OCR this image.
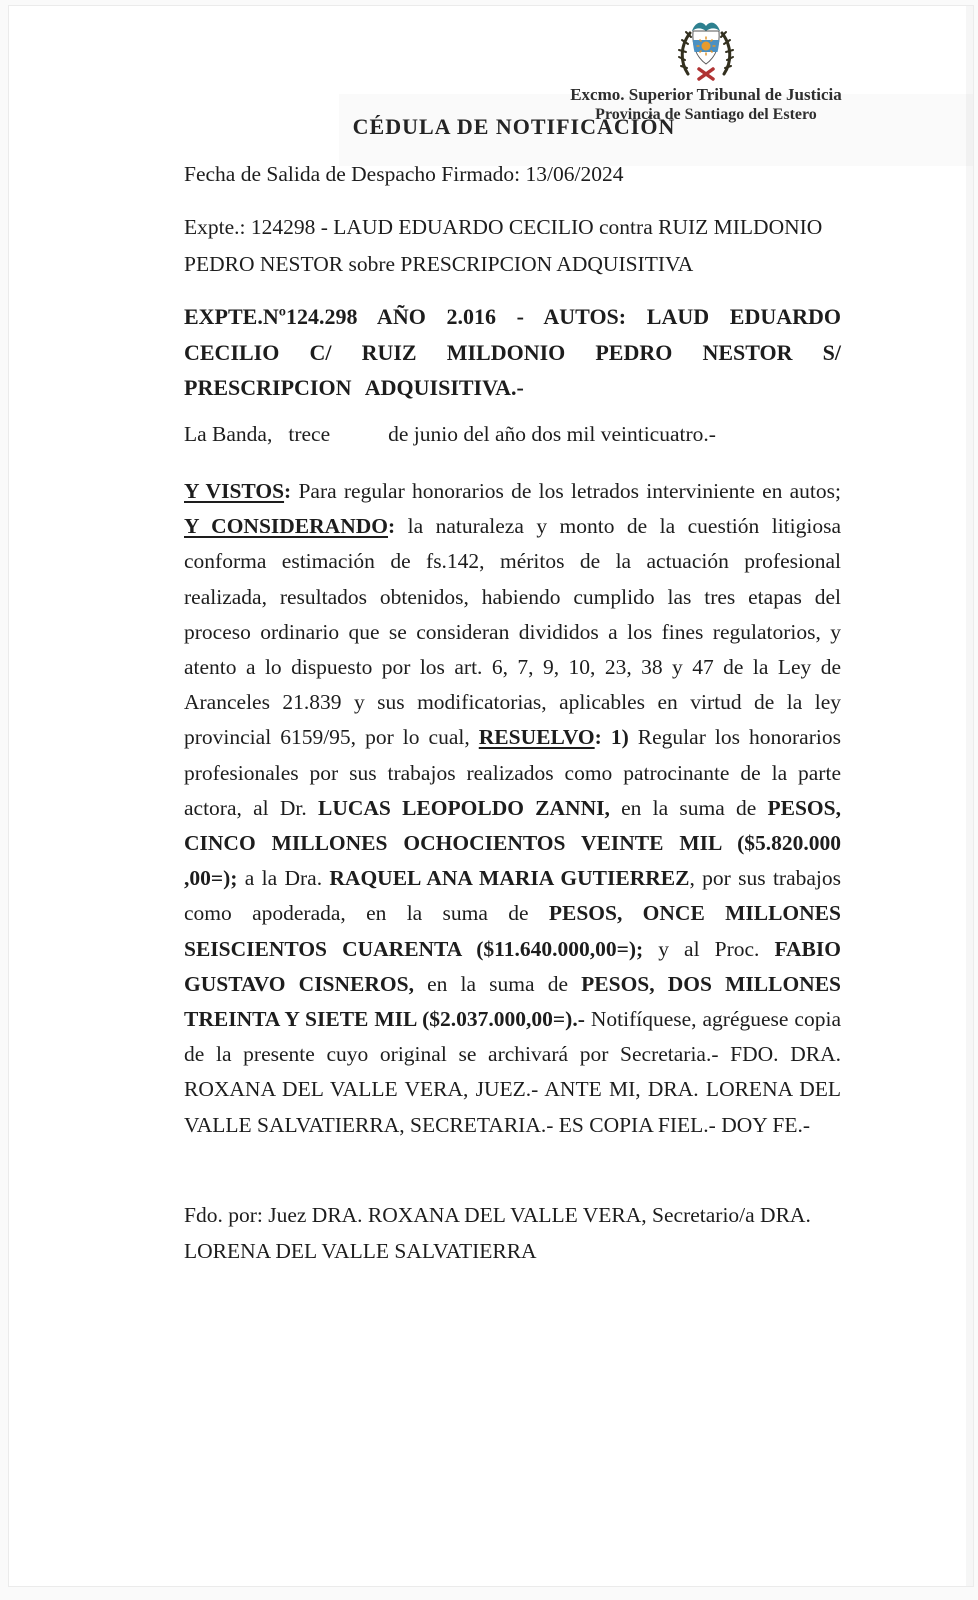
Excmo. Superior Tribunal de Justicia
Provincia de Santiago del Estero
CÉDULA DE NOTIFICACIÓN

Fecha de Salida de Despacho Firmado: 13/06/2024

Expte.: 124298 - LAUD EDUARDO CECILIO contra RUIZ MILDONIO PEDRO NESTOR sobre PRESCRIPCION ADQUISITIVA

EXPTE.Nº124.298 AÑO 2.016 - AUTOS: LAUD EDUARDO CECILIO C/ RUIZ MILDONIO PEDRO NESTOR S/ PRESCRIPCION ADQUISITIVA.-

La Banda, trece	de junio del año dos mil veinticuatro.-

Y VISTOS: Para regular honorarios de los letrados interviniente en autos; Y CONSIDERANDO: la naturaleza y monto de la cuestión litigiosa conforma estimación de fs.142, méritos de la actuación profesional realizada, resultados obtenidos, habiendo cumplido las tres etapas del proceso ordinario que se consideran divididos a los fines regulatorios, y atento a lo dispuesto por los art. 6, 7, 9, 10, 23, 38 y 47 de la Ley de Aranceles 21.839 y sus modificatorias, aplicables en virtud de la ley provincial 6159/95, por lo cual, RESUELVO: 1) Regular los honorarios profesionales por sus trabajos realizados como patrocinante de la parte actora, al Dr. LUCAS LEOPOLDO ZANNI, en la suma de PESOS, CINCO MILLONES OCHOCIENTOS VEINTE MIL ($5.820.000 ,00=); a la Dra. RAQUEL ANA MARIA GUTIERREZ, por sus trabajos como apoderada, en la suma de PESOS, ONCE MILLONES SEISCIENTOS CUARENTA ($11.640.000,00=); y al Proc. FABIO GUSTAVO CISNEROS, en la suma de PESOS, DOS MILLONES TREINTA Y SIETE MIL ($2.037.000,00=).- Notifíquese, agréguese copia de la presente cuyo original se archivará por Secretaria.- FDO. DRA. ROXANA DEL VALLE VERA, JUEZ.- ANTE MI, DRA. LORENA DEL VALLE SALVATIERRA, SECRETARIA.- ES COPIA FIEL.- DOY FE.-

Fdo. por: Juez DRA. ROXANA DEL VALLE VERA, Secretario/a DRA. LORENA DEL VALLE SALVATIERRA
